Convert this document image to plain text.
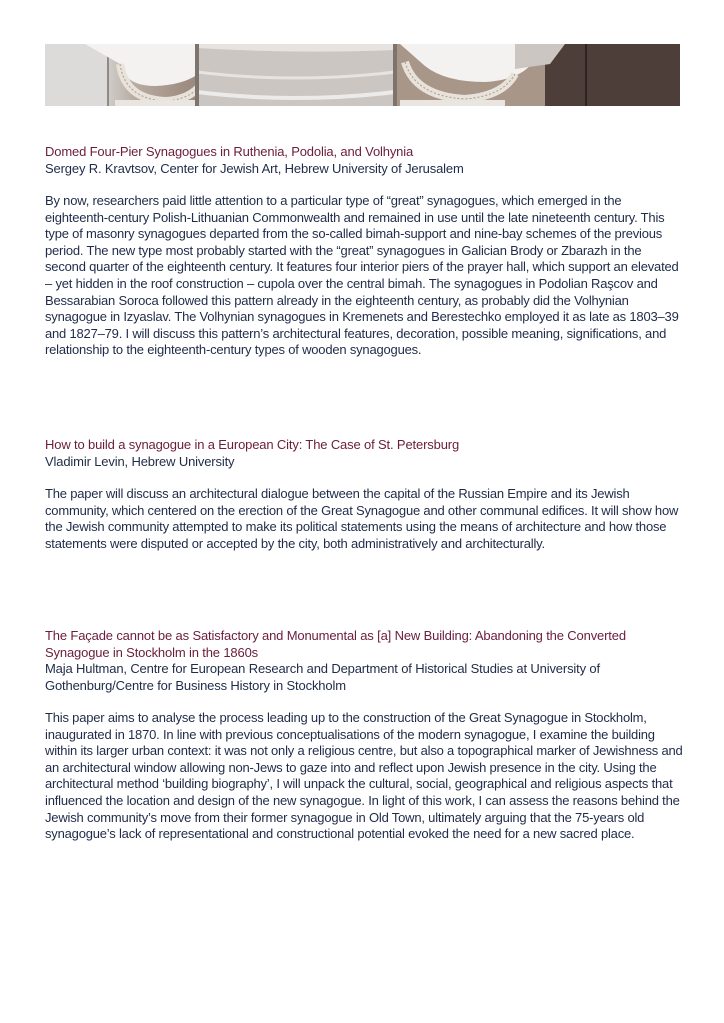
Domed Four-Pier Synagogues in Ruthenia, Podolia, and Volhynia

Sergey R. Kravtsov, Center for Jewish Art, Hebrew University of Jerusalem

By now, researchers paid little attention to a particular type of “great” synagogues, which emerged in the eighteenth-century Polish-Lithuanian Commonwealth and remained in use until the late nineteenth century. This type of masonry synagogues departed from the so-called bimah-support and nine-bay schemes of the previous period. The new type most probably started with the “great” synagogues in Galician Brody or Zbarazh in the second quarter of the eighteenth century. It features four interior piers of the prayer hall, which support an elevated – yet hidden in the roof construction – cupola over the central bimah. The synagogues in Podolian Raşcov and Bessarabian Soroca followed this pattern already in the eighteenth century, as probably did the Volhynian synagogue in Izyaslav. The Volhynian synagogues in Kremenets and Berestechko employed it as late as 1803–39 and 1827–79. I will discuss this pattern’s architectural features, decoration, possible meaning, significations, and relationship to the eighteenth-century types of wooden synagogues.

How to build a synagogue in a European City: The Case of St. Petersburg

Vladimir Levin, Hebrew University

The paper will discuss an architectural dialogue between the capital of the Russian Empire and its Jewish community, which centered on the erection of the Great Synagogue and other communal edifices. It will show how the Jewish community attempted to make its political statements using the means of architecture and how those statements were disputed or accepted by the city, both administratively and architecturally.

The Façade cannot be as Satisfactory and Monumental as [a] New Building: Abandoning the Converted Synagogue in Stockholm in the 1860s

Maja Hultman, Centre for European Research and Department of Historical Studies at University of Gothenburg/Centre for Business History in Stockholm

This paper aims to analyse the process leading up to the construction of the Great Synagogue in Stockholm, inaugurated in 1870. In line with previous conceptualisations of the modern synagogue, I examine the building within its larger urban context: it was not only a religious centre, but also a topographical marker of Jewishness and an architectural window allowing non-Jews to gaze into and reflect upon Jewish presence in the city. Using the architectural method ‘building biography’, I will unpack the cultural, social, geographical and religious aspects that influenced the location and design of the new synagogue. In light of this work, I can assess the reasons behind the Jewish community’s move from their former synagogue in Old Town, ultimately arguing that the 75-years old synagogue’s lack of representational and constructional potential evoked the need for a new sacred place.
